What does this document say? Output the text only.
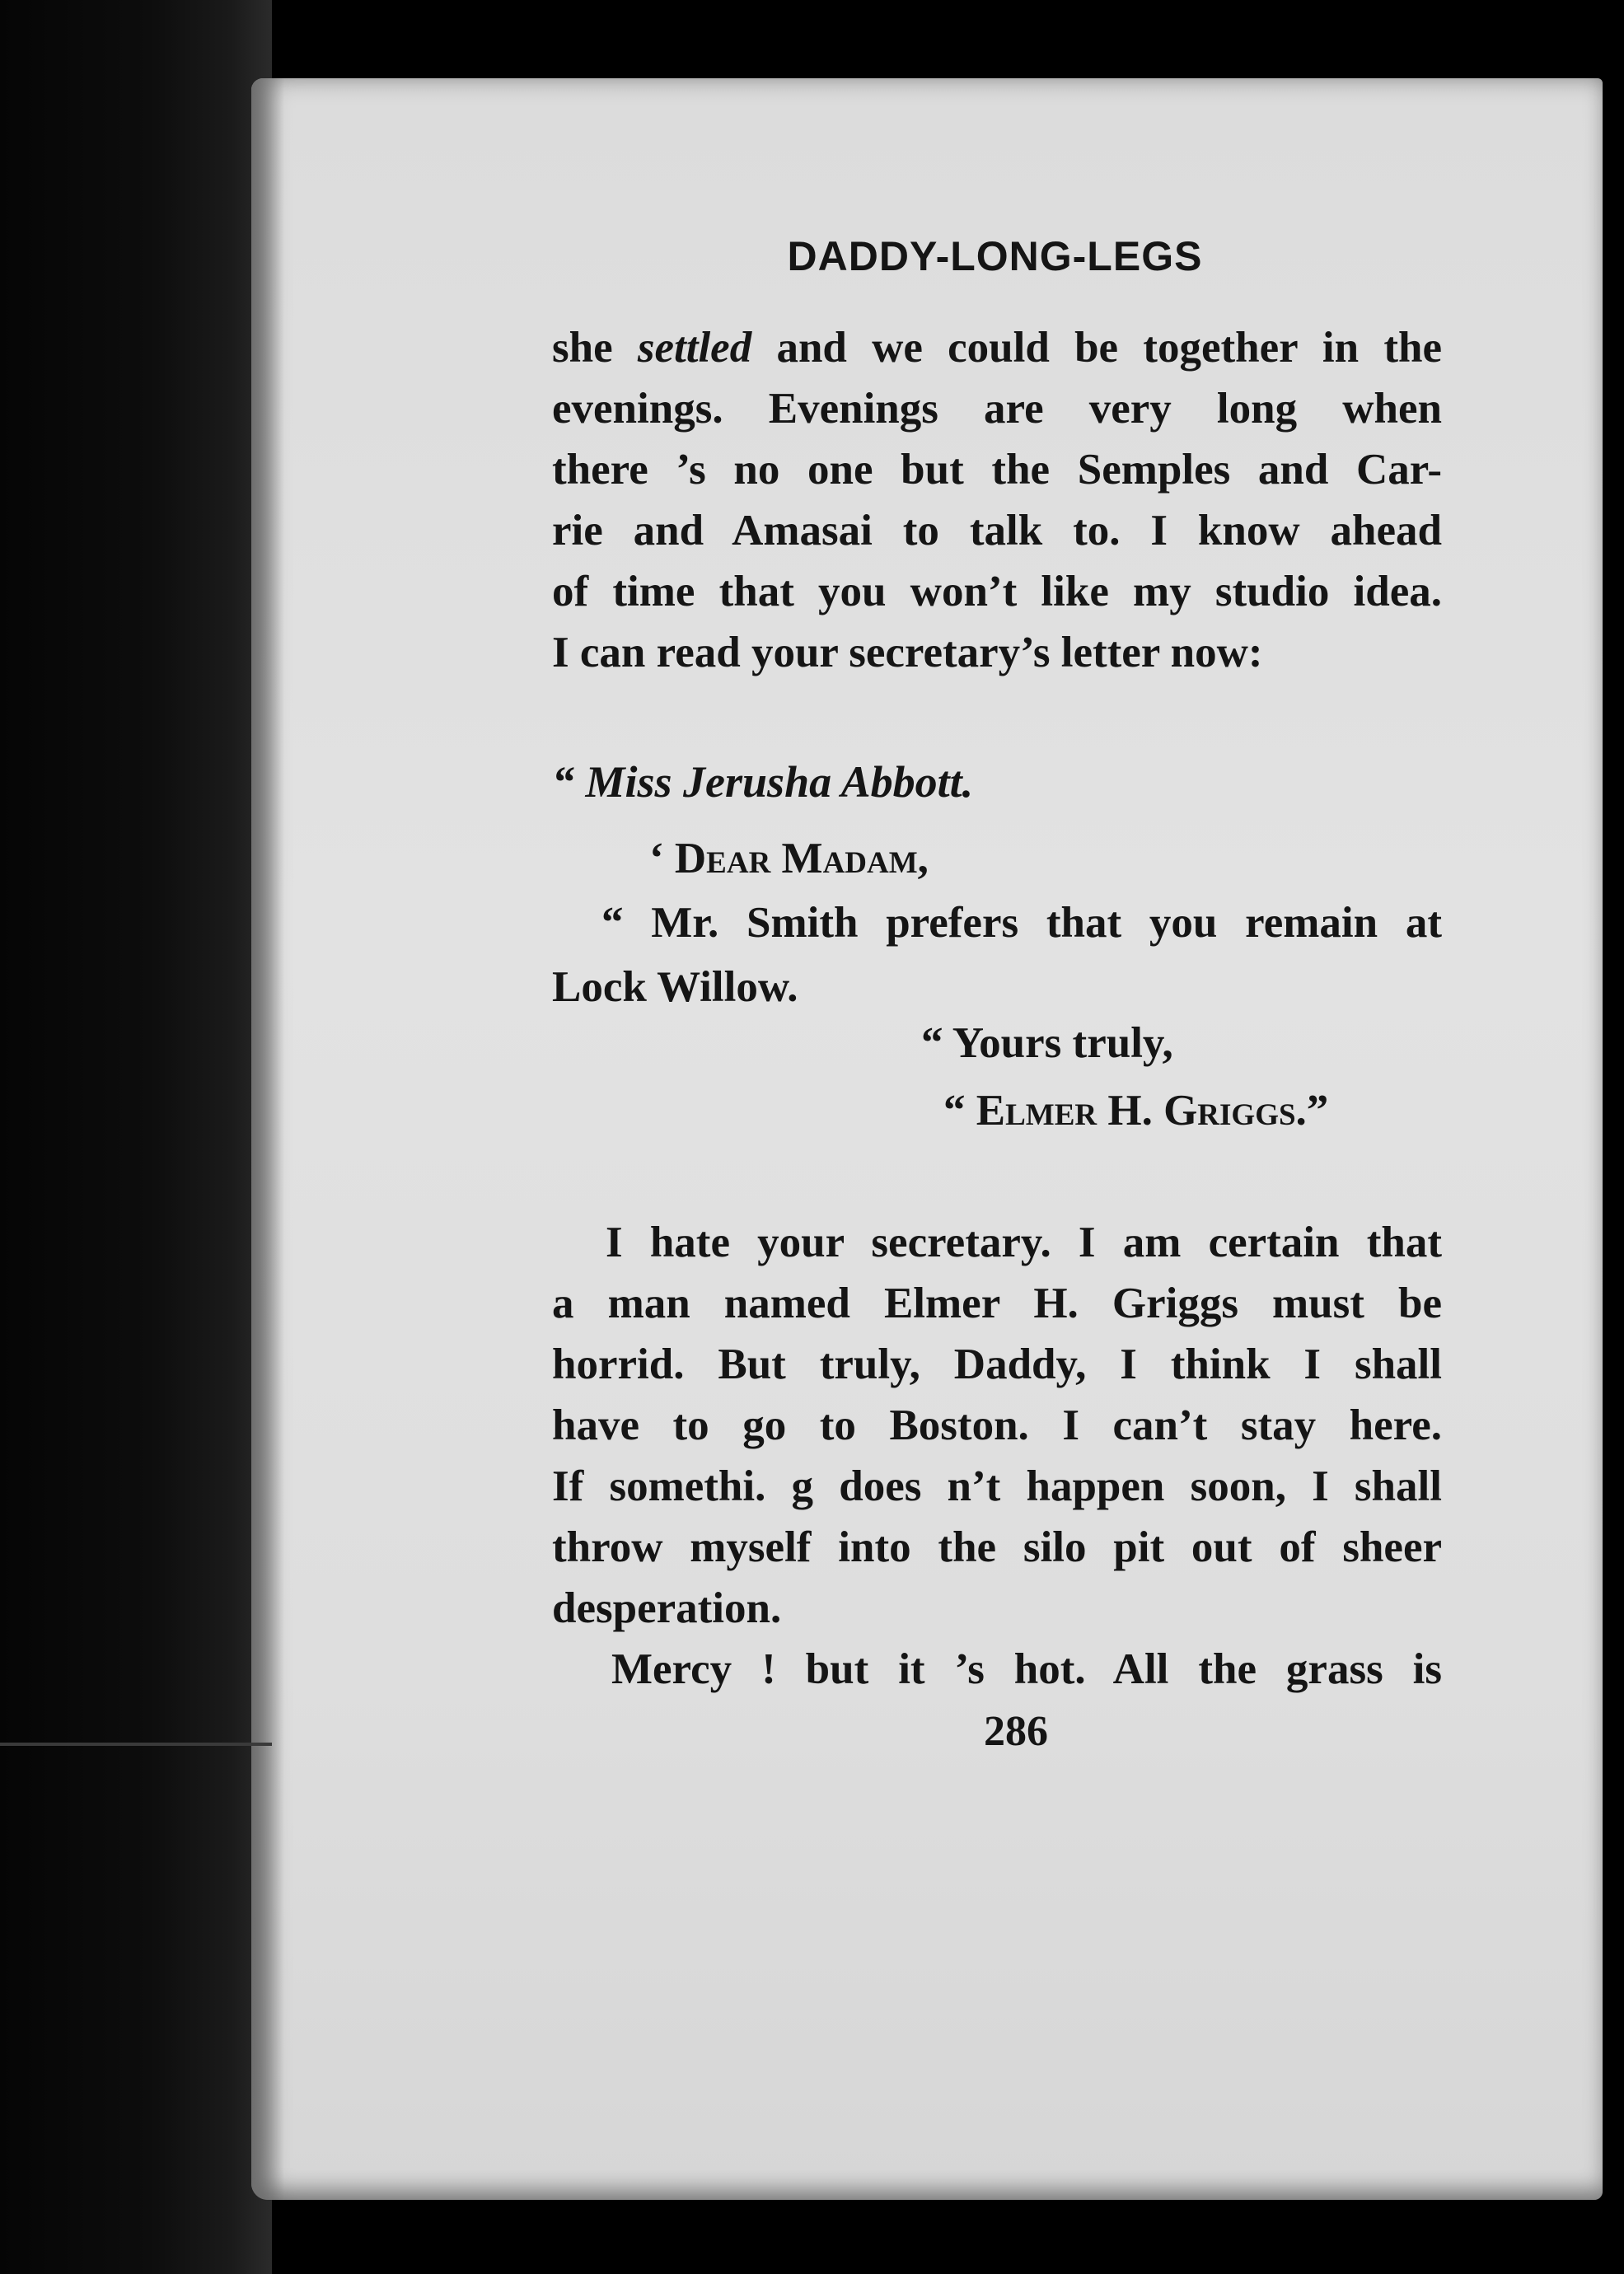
DADDY-LONG-LEGS
she settled and we could be together in the
evenings. Evenings are very long when
there ’s no one but the Semples and Car-
rie and Amasai to talk to. I know ahead
of time that you won’t like my studio idea.
I can read your secretary’s letter now:
“ Miss Jerusha Abbott.
‘ Dear Madam,
“ Mr. Smith prefers that you remain at
Lock Willow.
“ Yours truly,
“ Elmer H. Griggs.”
I hate your secretary. I am certain that
a man named Elmer H. Griggs must be
horrid. But truly, Daddy, I think I shall
have to go to Boston. I can’t stay here.
If somethi. g does n’t happen soon, I shall
throw myself into the silo pit out of sheer
desperation.
Mercy ! but it ’s hot. All the grass is
286
